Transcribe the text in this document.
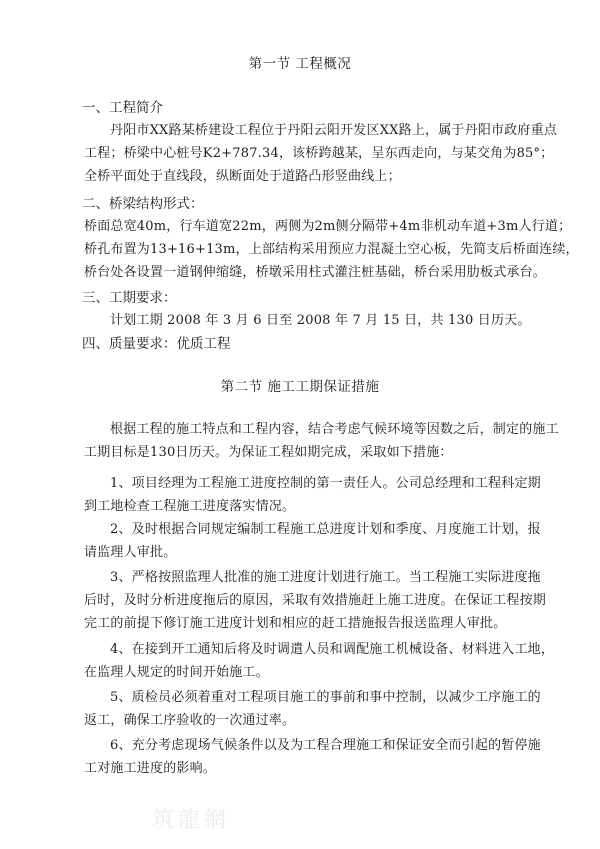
第一节 工程概况
一、工程简介
丹阳市XX路某桥建设工程位于丹阳云阳开发区XX路上，属于丹阳市政府重点
工程；桥梁中心桩号K2+787.34，该桥跨越某，呈东西走向，与某交角为85°；
全桥平面处于直线段，纵断面处于道路凸形竖曲线上；
二、桥梁结构形式：
桥面总宽40m，行车道宽22m，两侧为2m侧分隔带+4m非机动车道+3m人行道；
桥孔布置为13+16+13m，上部结构采用预应力混凝土空心板，先简支后桥面连续，
桥台处各设置一道钢伸缩缝，桥墩采用柱式灌注桩基础，桥台采用肋板式承台。
三、工期要求：
计划工期 2008 年 3 月 6 日至 2008 年 7 月 15 日，共 130 日历天。
四、质量要求：优质工程
第二节 施工工期保证措施
根据工程的施工特点和工程内容，结合考虑气候环境等因数之后，制定的施工
工期目标是130日历天。为保证工程如期完成，采取如下措施：
1、项目经理为工程施工进度控制的第一责任人。公司总经理和工程科定期
到工地检查工程施工进度落实情况。
2、及时根据合同规定编制工程施工总进度计划和季度、月度施工计划，报
请监理人审批。
3、严格按照监理人批准的施工进度计划进行施工。当工程施工实际进度拖
后时，及时分析进度拖后的原因，采取有效措施赶上施工进度。在保证工程按期
完工的前提下修订施工进度计划和相应的赶工措施报告报送监理人审批。
4、在接到开工通知后将及时调遣人员和调配施工机械设备、材料进入工地，
在监理人规定的时间开始施工。
5、质检员必须着重对工程项目施工的事前和事中控制，以减少工序施工的
返工，确保工序验收的一次通过率。
6、充分考虑现场气候条件以及为工程合理施工和保证安全而引起的暂停施
工对施工进度的影响。
筑龍網
